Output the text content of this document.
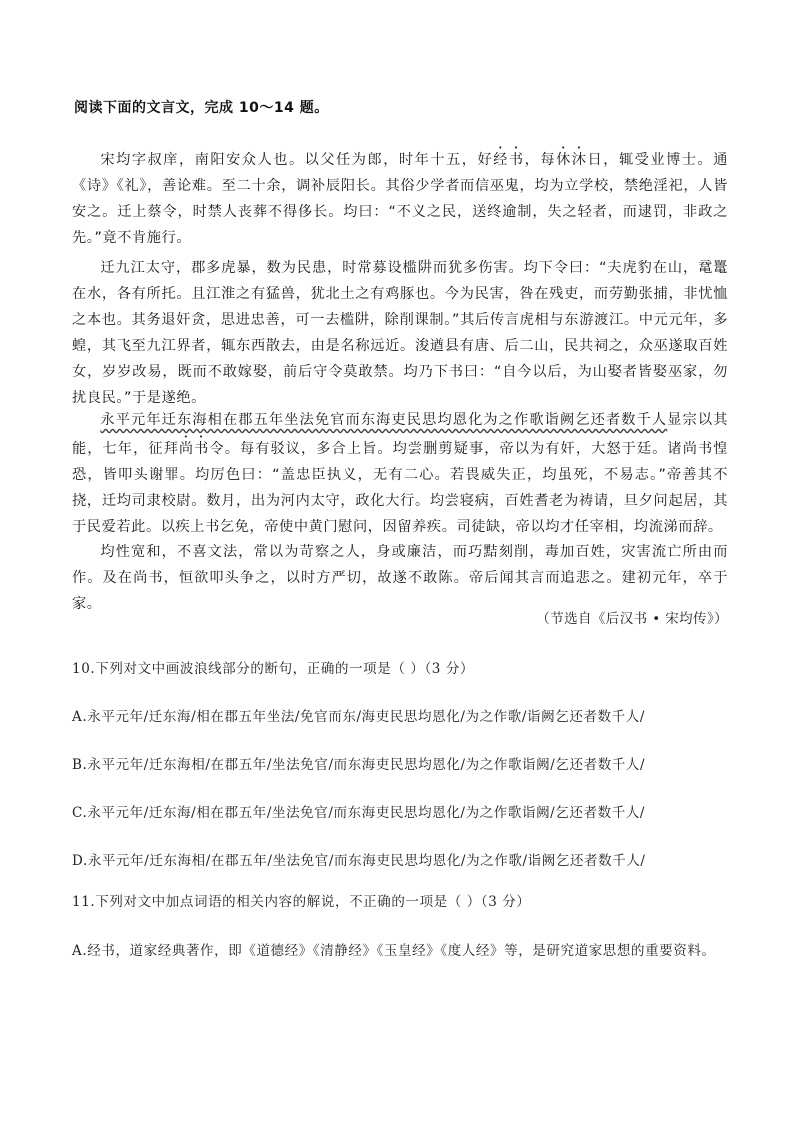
阅读下面的文言文，完成 10～14 题。
宋均字叔庠，南阳安众人也。以父任为郎，时年十五，好经书，每休沐日，辄受业博士。通《诗》《礼》，善论难。至二十余，调补辰阳长。其俗少学者而信巫鬼，均为立学校，禁绝淫祀，人皆安之。迁上蔡令，时禁人丧葬不得侈长。均曰：“不义之民，送终逾制，失之轻者，而逮罚，非政之先。”竟不肯施行。
迁九江太守，郡多虎暴，数为民患，时常募设槛阱而犹多伤害。均下令曰：“夫虎豹在山，鼋鼍在水，各有所托。且江淮之有猛兽，犹北土之有鸡豚也。今为民害，咎在残吏，而劳勤张捕，非忧恤之本也。其务退奸贪，思进忠善，可一去槛阱，除削课制。”其后传言虎相与东游渡江。中元元年，多蝗，其飞至九江界者，辄东西散去，由是名称远近。浚遒县有唐、后二山，民共祠之，众巫遂取百姓女，岁岁改易，既而不敢嫁娶，前后守令莫敢禁。均乃下书曰：“自今以后，为山娶者皆娶巫家，勿扰良民。”于是遂绝。
永平元年迁东海相在郡五年坐法免官而东海吏民思均恩化为之作歌诣阙乞还者数千人显宗以其能，七年，征拜尚书令。每有驳议，多合上旨。均尝删剪疑事，帝以为有奸，大怒于廷。诸尚书惶恐，皆叩头谢罪。均厉色曰：“盖忠臣执义，无有二心。若畏威失正，均虽死，不易志。”帝善其不挠，迁均司隶校尉。数月，出为河内太守，政化大行。均尝寝病，百姓耆老为祷请，旦夕问起居，其于民爱若此。以疾上书乞免，帝使中黄门慰问，因留养疾。司徒缺，帝以均才任宰相，均流涕而辞。
均性宽和，不喜文法，常以为苛察之人，身或廉洁，而巧黠刻削，毒加百姓，灾害流亡所由而作。及在尚书，恒欲叩头争之，以时方严切，故遂不敢陈。帝后闻其言而追悲之。建初元年，卒于家。
（节选自《后汉书 • 宋均传》）
10.下列对文中画波浪线部分的断句，正确的一项是（ ）（3 分）
A.永平元年/迁东海/相在郡五年坐法/免官而东/海吏民思均恩化/为之作歌/诣阙乞还者数千人/
B.永平元年/迁东海相/在郡五年/坐法免官/而东海吏民思均恩化/为之作歌诣阙/乞还者数千人/
C.永平元年/迁东海/相在郡五年/坐法免官/而东海吏民思均恩化/为之作歌诣阙/乞还者数千人/
D.永平元年/迁东海相/在郡五年/坐法免官/而东海吏民思均恩化/为之作歌/诣阙乞还者数千人/
11.下列对文中加点词语的相关内容的解说，不正确的一项是（ ）（3 分）
A.经书，道家经典著作，即《道德经》《清静经》《玉皇经》《度人经》等，是研究道家思想的重要资料。
